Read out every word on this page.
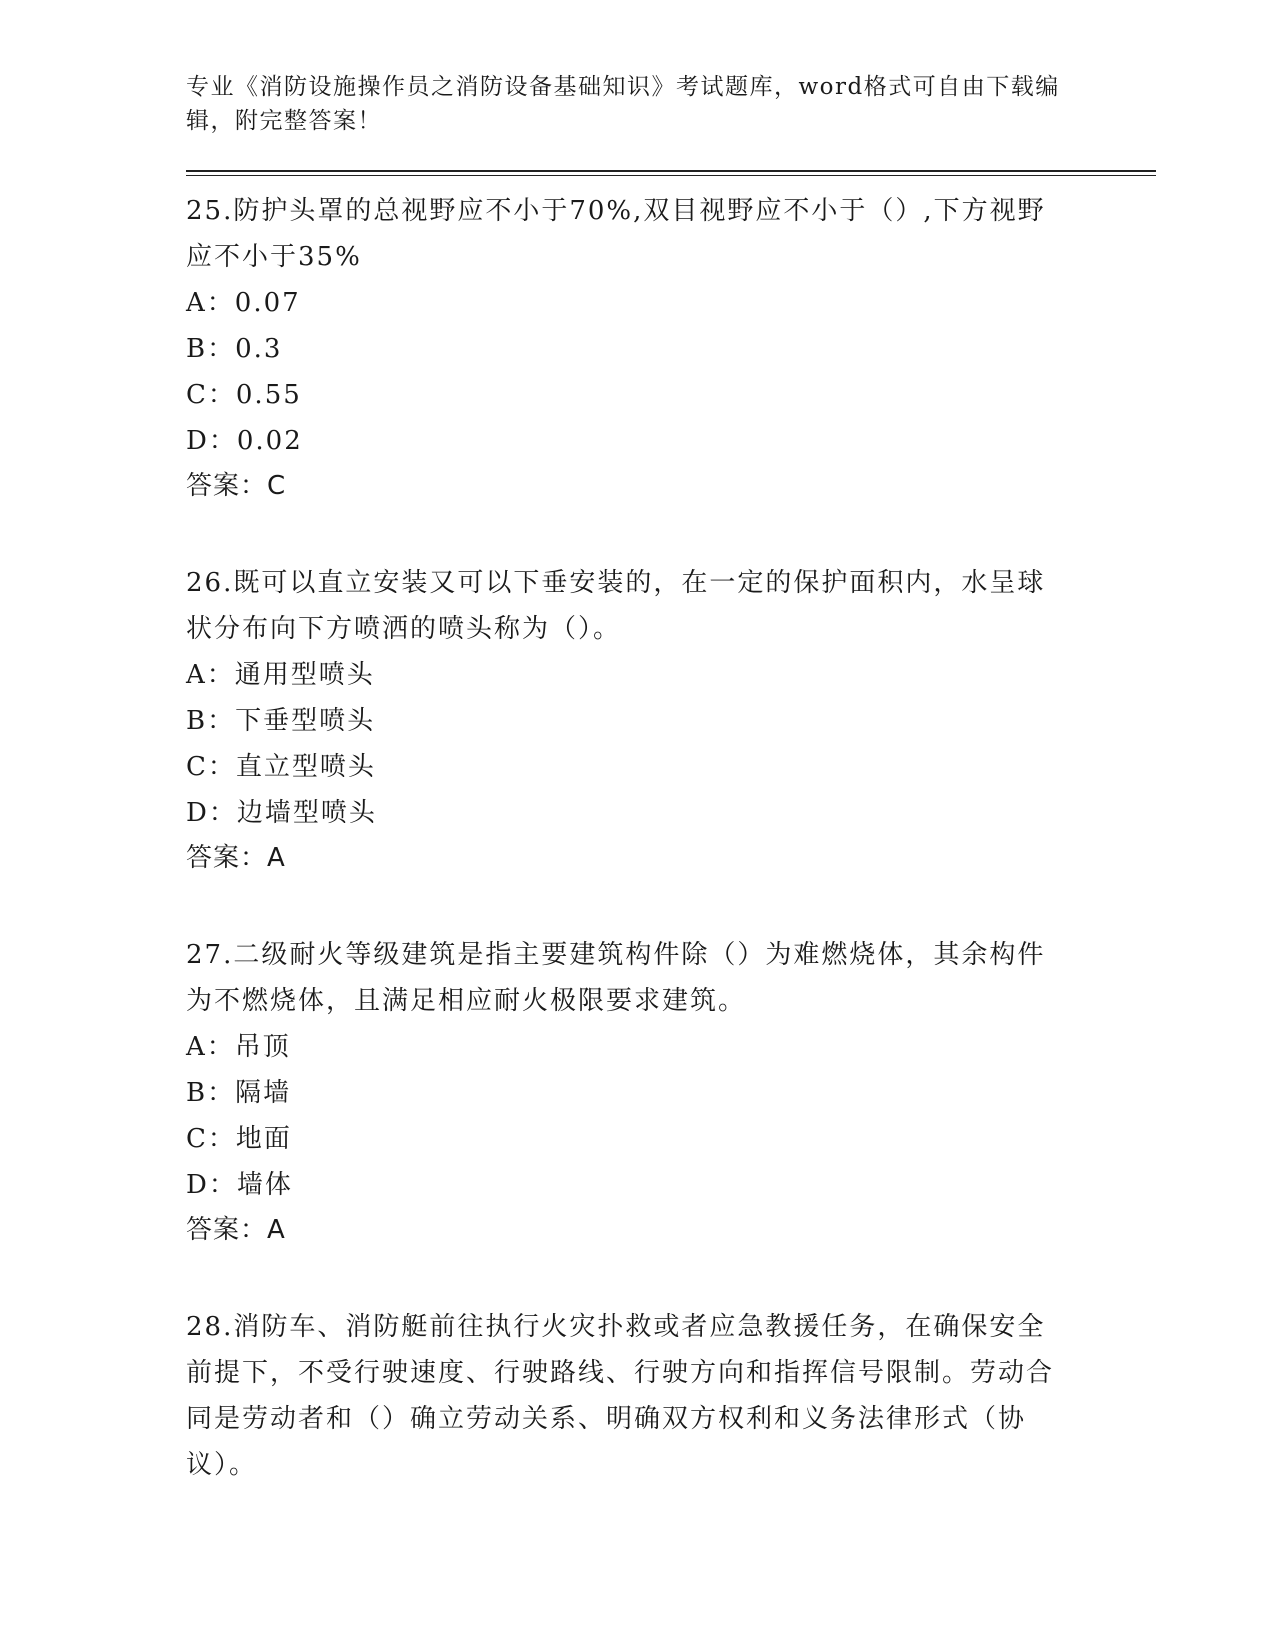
专业《消防设施操作员之消防设备基础知识》考试题库，word格式可自由下载编辑，附完整答案！

25.防护头罩的总视野应不小于70%,双目视野应不小于（）,下方视野应不小于35%

A：0.07

B：0.3

C：0.55

D：0.02

答案：C

26.既可以直立安装又可以下垂安装的，在一定的保护面积内，水呈球状分布向下方喷洒的喷头称为（）。

A：通用型喷头

B：下垂型喷头

C：直立型喷头

D：边墙型喷头

答案：A

27.二级耐火等级建筑是指主要建筑构件除（）为难燃烧体，其余构件为不燃烧体，且满足相应耐火极限要求建筑。

A：吊顶

B：隔墙

C：地面

D：墙体

答案：A

28.消防车、消防艇前往执行火灾扑救或者应急教援任务，在确保安全前提下，不受行驶速度、行驶路线、行驶方向和指挥信号限制。劳动合同是劳动者和（）确立劳动关系、明确双方权利和义务法律形式（协议）。
